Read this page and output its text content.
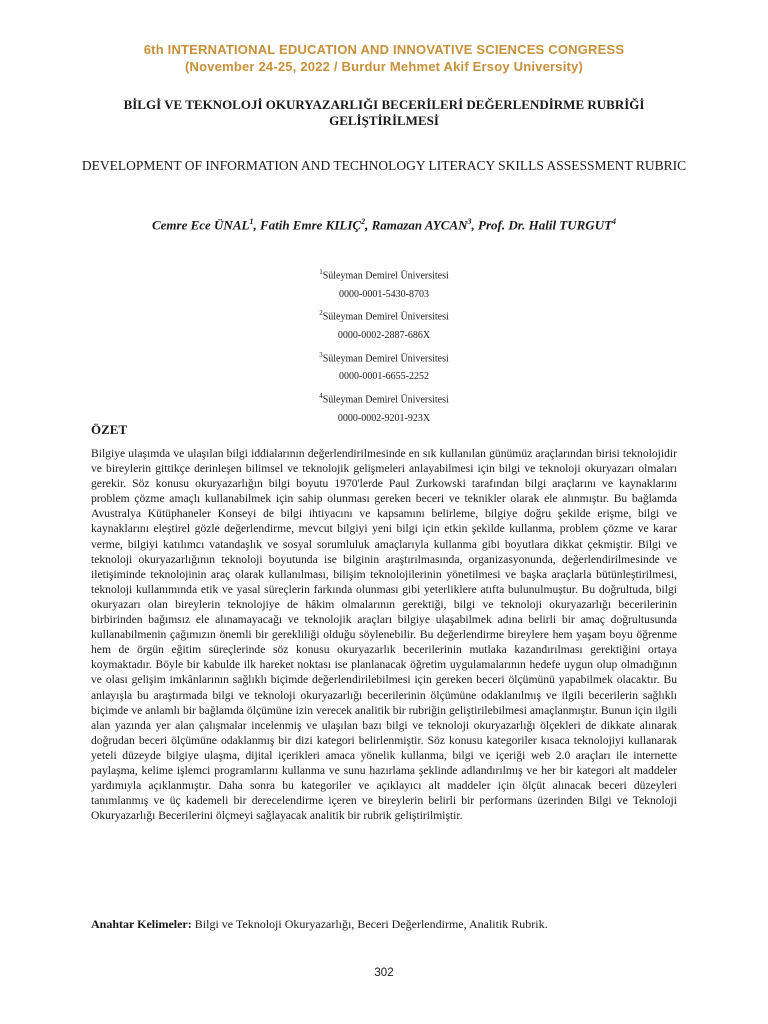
6th INTERNATIONAL EDUCATION AND INNOVATIVE SCIENCES CONGRESS
(November 24-25, 2022 / Burdur Mehmet Akif Ersoy University)
BİLGİ VE TEKNOLOJİ OKURYAZARLIĞI BECERİLERİ DEĞERLENDİRME RUBRİĞİ GELİŞTİRİLMESİ
DEVELOPMENT OF INFORMATION AND TECHNOLOGY LITERACY SKILLS ASSESSMENT RUBRIC
Cemre Ece ÜNAL$^1$, Fatih Emre KILIÇ$^2$, Ramazan AYCAN$^3$, Prof. Dr. Halil TURGUT$^4$
$^1$Süleyman Demirel Üniversitesi
0000-0001-5430-8703
$^2$Süleyman Demirel Üniversitesi
0000-0002-2887-686X
$^3$Süleyman Demirel Üniversitesi
0000-0001-6655-2252
$^4$Süleyman Demirel Üniversitesi
0000-0002-9201-923X
ÖZET
Bilgiye ulaşımda ve ulaşılan bilgi iddialarının değerlendirilmesinde en sık kullanılan günümüz araçlarından birisi teknolojidir ve bireylerin gittikçe derinleşen bilimsel ve teknolojik gelişmeleri anlayabilmesi için bilgi ve teknoloji okuryazarı olmaları gerekir. Söz konusu okuryazarlığın bilgi boyutu 1970'lerde Paul Zurkowski tarafından bilgi araçlarını ve kaynaklarını problem çözme amaçlı kullanabilmek için sahip olunması gereken beceri ve teknikler olarak ele alınmıştır. Bu bağlamda Avustralya Kütüphaneler Konseyi de bilgi ihtiyacını ve kapsamını belirleme, bilgiye doğru şekilde erişme, bilgi ve kaynaklarını eleştirel gözle değerlendirme, mevcut bilgiyi yeni bilgi için etkin şekilde kullanma, problem çözme ve karar verme, bilgiyi katılımcı vatandaşlık ve sosyal sorumluluk amaçlarıyla kullanma gibi boyutlara dikkat çekmiştir. Bilgi ve teknoloji okuryazarlığının teknoloji boyutunda ise bilginin araştırılmasında, organizasyonunda, değerlendirilmesinde ve iletişiminde teknolojinin araç olarak kullanılması, bilişim teknolojilerinin yönetilmesi ve başka araçlarla bütünleştirilmesi, teknoloji kullanımında etik ve yasal süreçlerin farkında olunması gibi yeterliklere atıfta bulunulmuştur. Bu doğrultuda, bilgi okuryazarı olan bireylerin teknolojiye de hâkim olmalarının gerektiği, bilgi ve teknoloji okuryazarlığı becerilerinin birbirinden bağımsız ele alınamayacağı ve teknolojik araçları bilgiye ulaşabilmek adına belirli bir amaç doğrultusunda kullanabilmenin çağımızın önemli bir gerekliliği olduğu söylenebilir. Bu değerlendirme bireylere hem yaşam boyu öğrenme hem de örgün eğitim süreçlerinde söz konusu okuryazarlık becerilerinin mutlaka kazandırılması gerektiğini ortaya koymaktadır. Böyle bir kabulde ilk hareket noktası ise planlanacak öğretim uygulamalarının hedefe uygun olup olmadığının ve olası gelişim imkânlarının sağlıklı biçimde değerlendirilebilmesi için gereken beceri ölçümünü yapabilmek olacaktır. Bu anlayışla bu araştırmada bilgi ve teknoloji okuryazarlığı becerilerinin ölçümüne odaklanılmış ve ilgili becerilerin sağlıklı biçimde ve anlamlı bir bağlamda ölçümüne izin verecek analitik bir rubriğin geliştirilebilmesi amaçlanmıştır. Bunun için ilgili alan yazında yer alan çalışmalar incelenmiş ve ulaşılan bazı bilgi ve teknoloji okuryazarlığı ölçekleri de dikkate alınarak doğrudan beceri ölçümüne odaklanmış bir dizi kategori belirlenmiştir. Söz konusu kategoriler kısaca teknolojiyi kullanarak yeteli düzeyde bilgiye ulaşma, dijital içerikleri amaca yönelik kullanma, bilgi ve içeriği web 2.0 araçları ile internette paylaşma, kelime işlemci programlarını kullanma ve sunu hazırlama şeklinde adlandırılmış ve her bir kategori alt maddeler yardımıyla açıklanmıştır. Daha sonra bu kategoriler ve açıklayıcı alt maddeler için ölçüt alınacak beceri düzeyleri tanımlanmış ve üç kademeli bir derecelendirme içeren ve bireylerin belirli bir performans üzerinden Bilgi ve Teknoloji Okuryazarlığı Becerilerini ölçmeyi sağlayacak analitik bir rubrik geliştirilmiştir.
Anahtar Kelimeler: Bilgi ve Teknoloji Okuryazarlığı, Beceri Değerlendirme, Analitik Rubrik.
302
